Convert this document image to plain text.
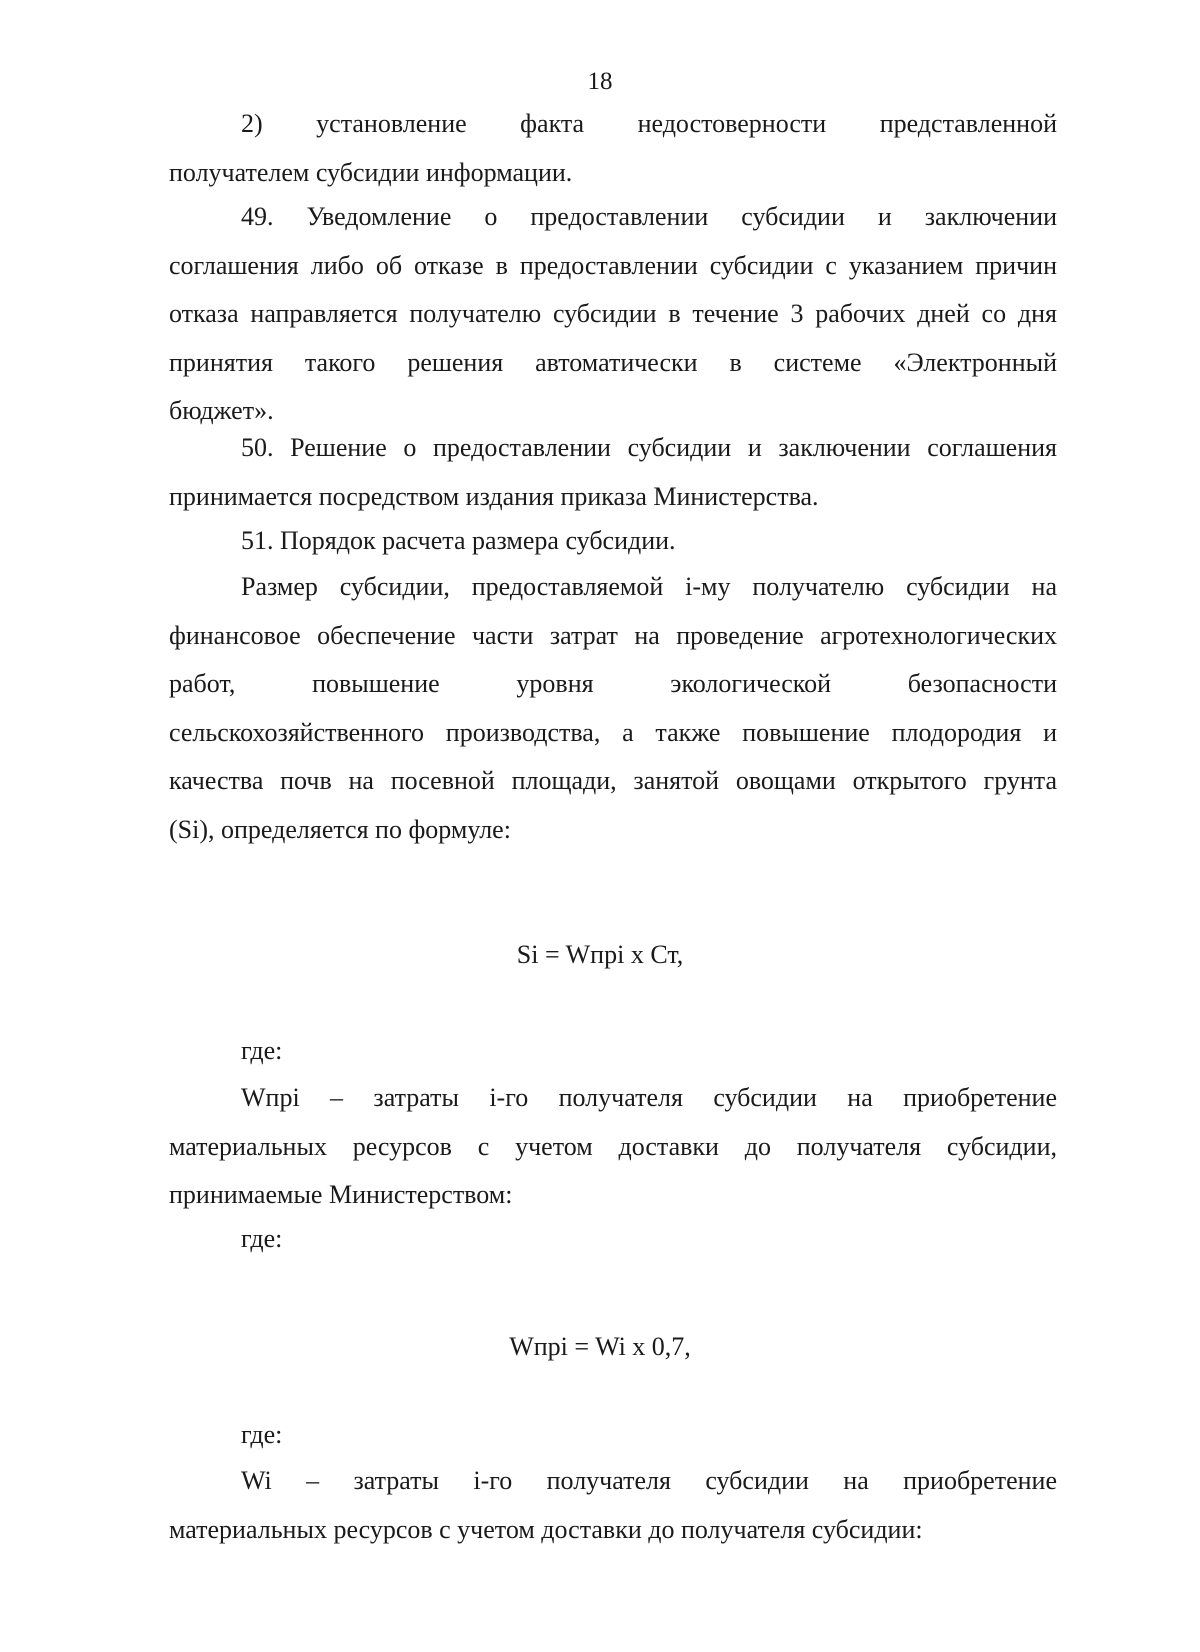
18
2) установление факта недостоверности представленной
получателем субсидии информации.
49. Уведомление о предоставлении субсидии и заключении
соглашения либо об отказе в предоставлении субсидии с указанием причин
отказа направляется получателю субсидии в течение 3 рабочих дней со дня
принятия такого решения автоматически в системе «Электронный
бюджет».
50. Решение о предоставлении субсидии и заключении соглашения
принимается посредством издания приказа Министерства.
51. Порядок расчета размера субсидии.
Размер субсидии, предоставляемой i-му получателю субсидии на
финансовое обеспечение части затрат на проведение агротехнологических
работ, повышение уровня экологической безопасности
сельскохозяйственного производства, а также повышение плодородия и
качества почв на посевной площади, занятой овощами открытого грунта
(Si), определяется по формуле:
Si = Wпрi x Ст,
где:
Wпрi – затраты i-го получателя субсидии на приобретение
материальных ресурсов с учетом доставки до получателя субсидии,
принимаемые Министерством:
где:
Wпрi = Wi x 0,7,
где:
Wi – затраты i-го получателя субсидии на приобретение
материальных ресурсов с учетом доставки до получателя субсидии:
